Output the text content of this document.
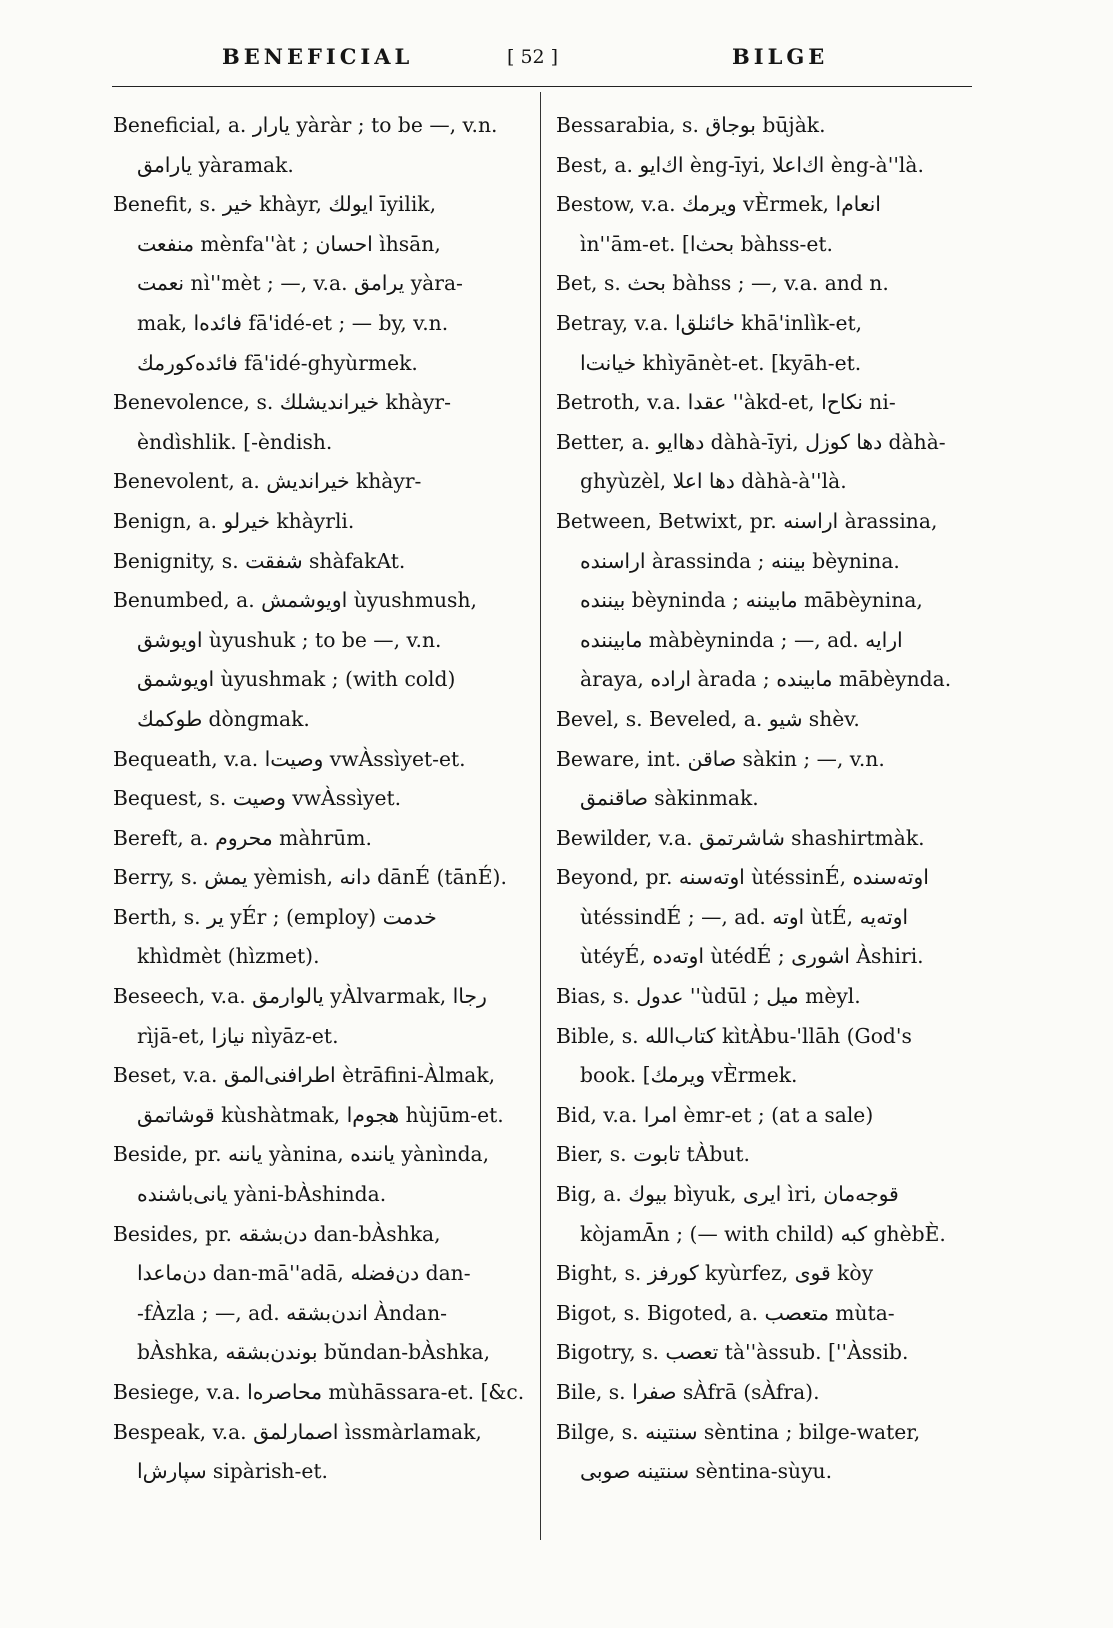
BENEFICIAL	[ 52 ]	BILGE
Beneficial, a. یارار yàràr ; to be —, v.n.
یارامق yàramak.
Benefit, s. خیر khàyr, ایولك īyilik,
منفعت mènfa''àt ; احسان ìhsān,
نعمت nì''mèt ; —, v.a. یرامق yàra-
mak, فائده‌ا fā'idé-et ; — by, v.n.
فائده‌كورمك fā'idé-ghyùrmek.
Benevolence, s. خیراندیشلك khàyr-
èndìshlik. [-èndish.
Benevolent, a. خیراندیش khàyr-
Benign, a. خیرلو khàyrli.
Benignity, s. شفقت shàfakAt.
Benumbed, a. اویوشمش ùyushmush,
اویوشق ùyushuk ; to be —, v.n.
اویوشمق ùyushmak ; (with cold)
طوكمك dònɡmak.
Bequeath, v.a. وصیت‌ا vwÀssìyet-et.
Bequest, s. وصیت vwÀssìyet.
Bereft, a. محروم màhrūm.
Berry, s. یمش yèmish, دانه dānÉ (tānÉ).
Berth, s. یر yÉr ; (employ) خدمت
khìdmèt (hìzmet).
Beseech, v.a. یالوارمق yÀlvarmak, رجاا
rìjā-et, نیازا nìyāz-et.
Beset, v.a. اطرافنی‌المق ètrāfini-Àlmak,
قوشاتمق kùshàtmak, هجوم‌ا hùjūm-et.
Beside, pr. یاننه yànina, یانندە yànìnda,
یانی‌باشنده yàni-bÀshinda.
Besides, pr. دن‌بشقه dan-bÀshka,
دن‌ماعدا dan-mā''adā, دن‌فضله dan-
-fÀzla ; —, ad. اندن‌بشقه Àndan-
bÀshka, بوندن‌بشقه bŭndan-bÀshka,
Besiege, v.a. محاصره‌ا mùhāssara-et. [&c.
Bespeak, v.a. اصمارلمق ìssmàrlamak,
سپارش‌ا sipàrish-et.
Bessarabia, s. بوجاق būjàk.
Best, a. اك‌ایو èng-īyi, اك‌اعلا èng-à''là.
Bestow, v.a. ویرمك vÈrmek, انعام‌ا
ìn''ām-et. [بحث‌ا bàhss-et.
Bet, s. بحث bàhss ; —, v.a. and n.
Betray, v.a. خائنلق‌ا khā'inlìk-et,
خیانت‌ا khìyānèt-et. [kyāh-et.
Betroth, v.a. عقد‌ا ''àkd-et, نكاح‌ا ni-
Better, a. دهاایو dàhà-īyi, دها كوزل dàhà-
ghyùzèl, دها اعلا dàhà-à''là.
Between, Betwixt, pr. اراسنه àrassina,
اراسنده àrassinda ; بیننه bèynina.
بیننده bèyninda ; مابیننه mābèynina,
مابیننده màbèyninda ; —, ad. ارایه
àraya, اراده àrada ; مابینده mābèynda.
Bevel, s. Beveled, a. شیو shèv.
Beware, int. صاقن sàkin ; —, v.n.
صاقنمق sàkinmak.
Bewilder, v.a. شاشرتمق shashirtmàk.
Beyond, pr. اوته‌سنه ùtéssinÉ, اوته‌سنده
ùtéssindÉ ; —, ad. اوته ùtÉ, اوته‌یه
ùtéyÉ, اوته‌ده ùtédÉ ; اشوری Àshiri.
Bias, s. عدول ''ùdūl ; میل mèyl.
Bible, s. كتاب‌الله kìtÀbu-'llāh (God's
book. [ویرمك vÈrmek.
Bid, v.a. امرا èmr-et ; (at a sale)
Bier, s. تابوت tÀbut.
Big, a. بیوك bìyuk, ایری ìri, قوجه‌مان
kòjamĀn ; (— with child) كبه ghèbÈ.
Bight, s. كورفز kyùrfez, قوی kòy
Bigot, s. Bigoted, a. متعصب mùta-
Bigotry, s. تعصب tà''àssub. [''Àssib.
Bile, s. صفرا sÀfrā (sÀfra).
Bilge, s. سنتینه sèntina ; bilge-water,
سنتینه صوبی sèntina-sùyu.
